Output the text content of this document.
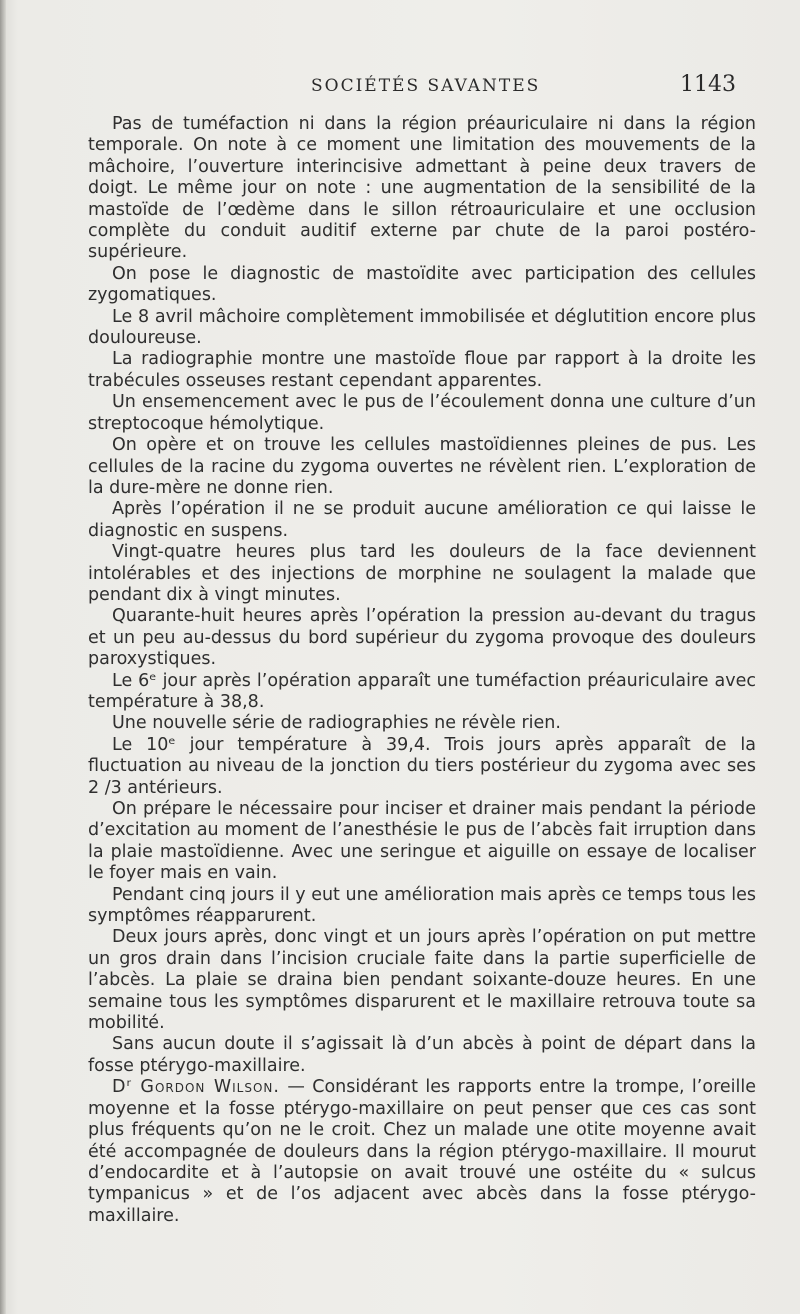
SOCIÉTÉS SAVANTES	1143

Pas de tuméfaction ni dans la région préauriculaire ni dans la région temporale. On note à ce moment une limitation des mouvements de la mâchoire, l’ouverture interincisive admettant à peine deux travers de doigt. Le même jour on note : une augmentation de la sensibilité de la mastoïde de l’œdème dans le sillon rétroauriculaire et une occlusion complète du conduit auditif externe par chute de la paroi postéro-supérieure.

On pose le diagnostic de mastoïdite avec participation des cellules zygomatiques.

Le 8 avril mâchoire complètement immobilisée et déglutition encore plus douloureuse.

La radiographie montre une mastoïde floue par rapport à la droite les trabécules osseuses restant cependant apparentes.

Un ensemencement avec le pus de l’écoulement donna une culture d’un streptocoque hémolytique.

On opère et on trouve les cellules mastoïdiennes pleines de pus. Les cellules de la racine du zygoma ouvertes ne révèlent rien. L’exploration de la dure-mère ne donne rien.

Après l’opération il ne se produit aucune amélioration ce qui laisse le diagnostic en suspens.

Vingt-quatre heures plus tard les douleurs de la face deviennent intolérables et des injections de morphine ne soulagent la malade que pendant dix à vingt minutes.

Quarante-huit heures après l’opération la pression au-devant du tragus et un peu au-dessus du bord supérieur du zygoma provoque des douleurs paroxystiques.

Le 6ᵉ jour après l’opération apparaît une tuméfaction préauriculaire avec température à 38,8.

Une nouvelle série de radiographies ne révèle rien.

Le 10ᵉ jour température à 39,4. Trois jours après apparaît de la fluctuation au niveau de la jonction du tiers postérieur du zygoma avec ses 2 /3 antérieurs.

On prépare le nécessaire pour inciser et drainer mais pendant la période d’excitation au moment de l’anesthésie le pus de l’abcès fait irruption dans la plaie mastoïdienne. Avec une seringue et aiguille on essaye de localiser le foyer mais en vain.

Pendant cinq jours il y eut une amélioration mais après ce temps tous les symptômes réapparurent.

Deux jours après, donc vingt et un jours après l’opération on put mettre un gros drain dans l’incision cruciale faite dans la partie superficielle de l’abcès. La plaie se draina bien pendant soixante-douze heures. En une semaine tous les symptômes disparurent et le maxillaire retrouva toute sa mobilité.

Sans aucun doute il s’agissait là d’un abcès à point de départ dans la fosse ptérygo-maxillaire.

Dʳ Gordon Wilson. — Considérant les rapports entre la trompe, l’oreille moyenne et la fosse ptérygo-maxillaire on peut penser que ces cas sont plus fréquents qu’on ne le croit. Chez un malade une otite moyenne avait été accompagnée de douleurs dans la région ptérygo-maxillaire. Il mourut d’endocardite et à l’autopsie on avait trouvé une ostéite du « sulcus tympanicus » et de l’os adjacent avec abcès dans la fosse ptérygo-maxillaire.
